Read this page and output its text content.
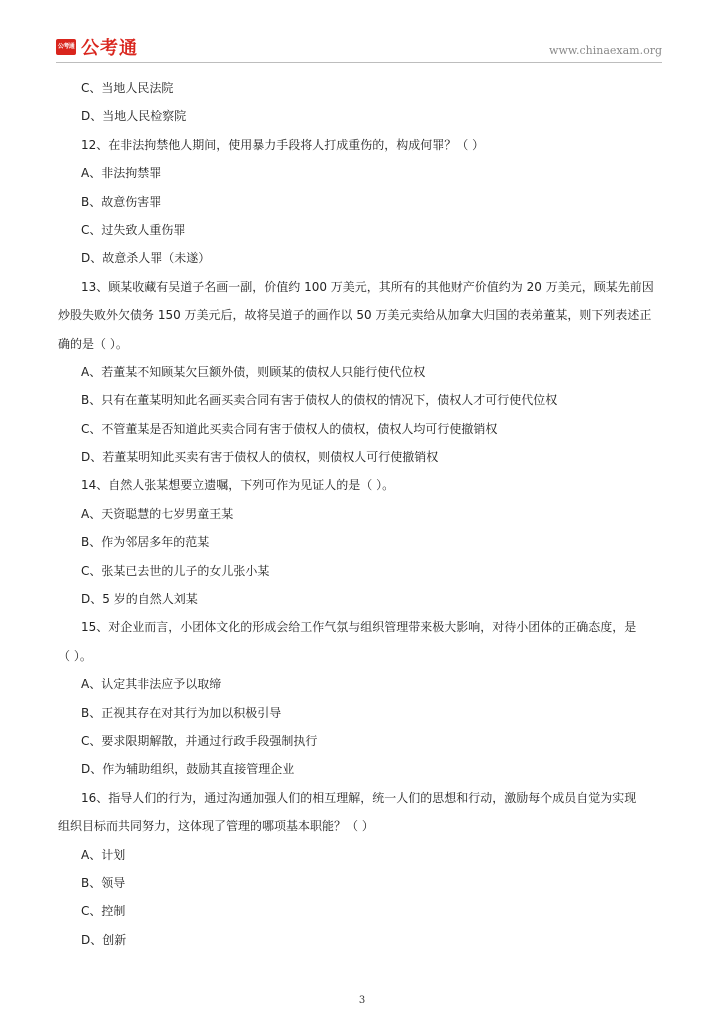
公考通 公考通	www.chinaexam.org

C、当地人民法院

D、当地人民检察院

12、在非法拘禁他人期间，使用暴力手段将人打成重伤的，构成何罪？（ ）

A、非法拘禁罪

B、故意伤害罪

C、过失致人重伤罪

D、故意杀人罪（未遂）

13、顾某收藏有吴道子名画一副，价值约 100 万美元，其所有的其他财产价值约为 20 万美元，顾某先前因

炒股失败外欠债务 150 万美元后，故将吴道子的画作以 50 万美元卖给从加拿大归国的表弟董某，则下列表述正

确的是（ ）。

A、若董某不知顾某欠巨额外债，则顾某的债权人只能行使代位权

B、只有在董某明知此名画买卖合同有害于债权人的债权的情况下，债权人才可行使代位权

C、不管董某是否知道此买卖合同有害于债权人的债权，债权人均可行使撤销权

D、若董某明知此买卖有害于债权人的债权，则债权人可行使撤销权

14、自然人张某想要立遗嘱，下列可作为见证人的是（ ）。

A、天资聪慧的七岁男童王某

B、作为邻居多年的范某

C、张某已去世的儿子的女儿张小某

D、5 岁的自然人刘某

15、对企业而言，小团体文化的形成会给工作气氛与组织管理带来极大影响，对待小团体的正确态度，是

（ ）。

A、认定其非法应予以取缔

B、正视其存在对其行为加以积极引导

C、要求限期解散，并通过行政手段强制执行

D、作为辅助组织，鼓励其直接管理企业

16、指导人们的行为，通过沟通加强人们的相互理解，统一人们的思想和行动，激励每个成员自觉为实现

组织目标而共同努力，这体现了管理的哪项基本职能？（ ）

A、计划

B、领导

C、控制

D、创新

3
